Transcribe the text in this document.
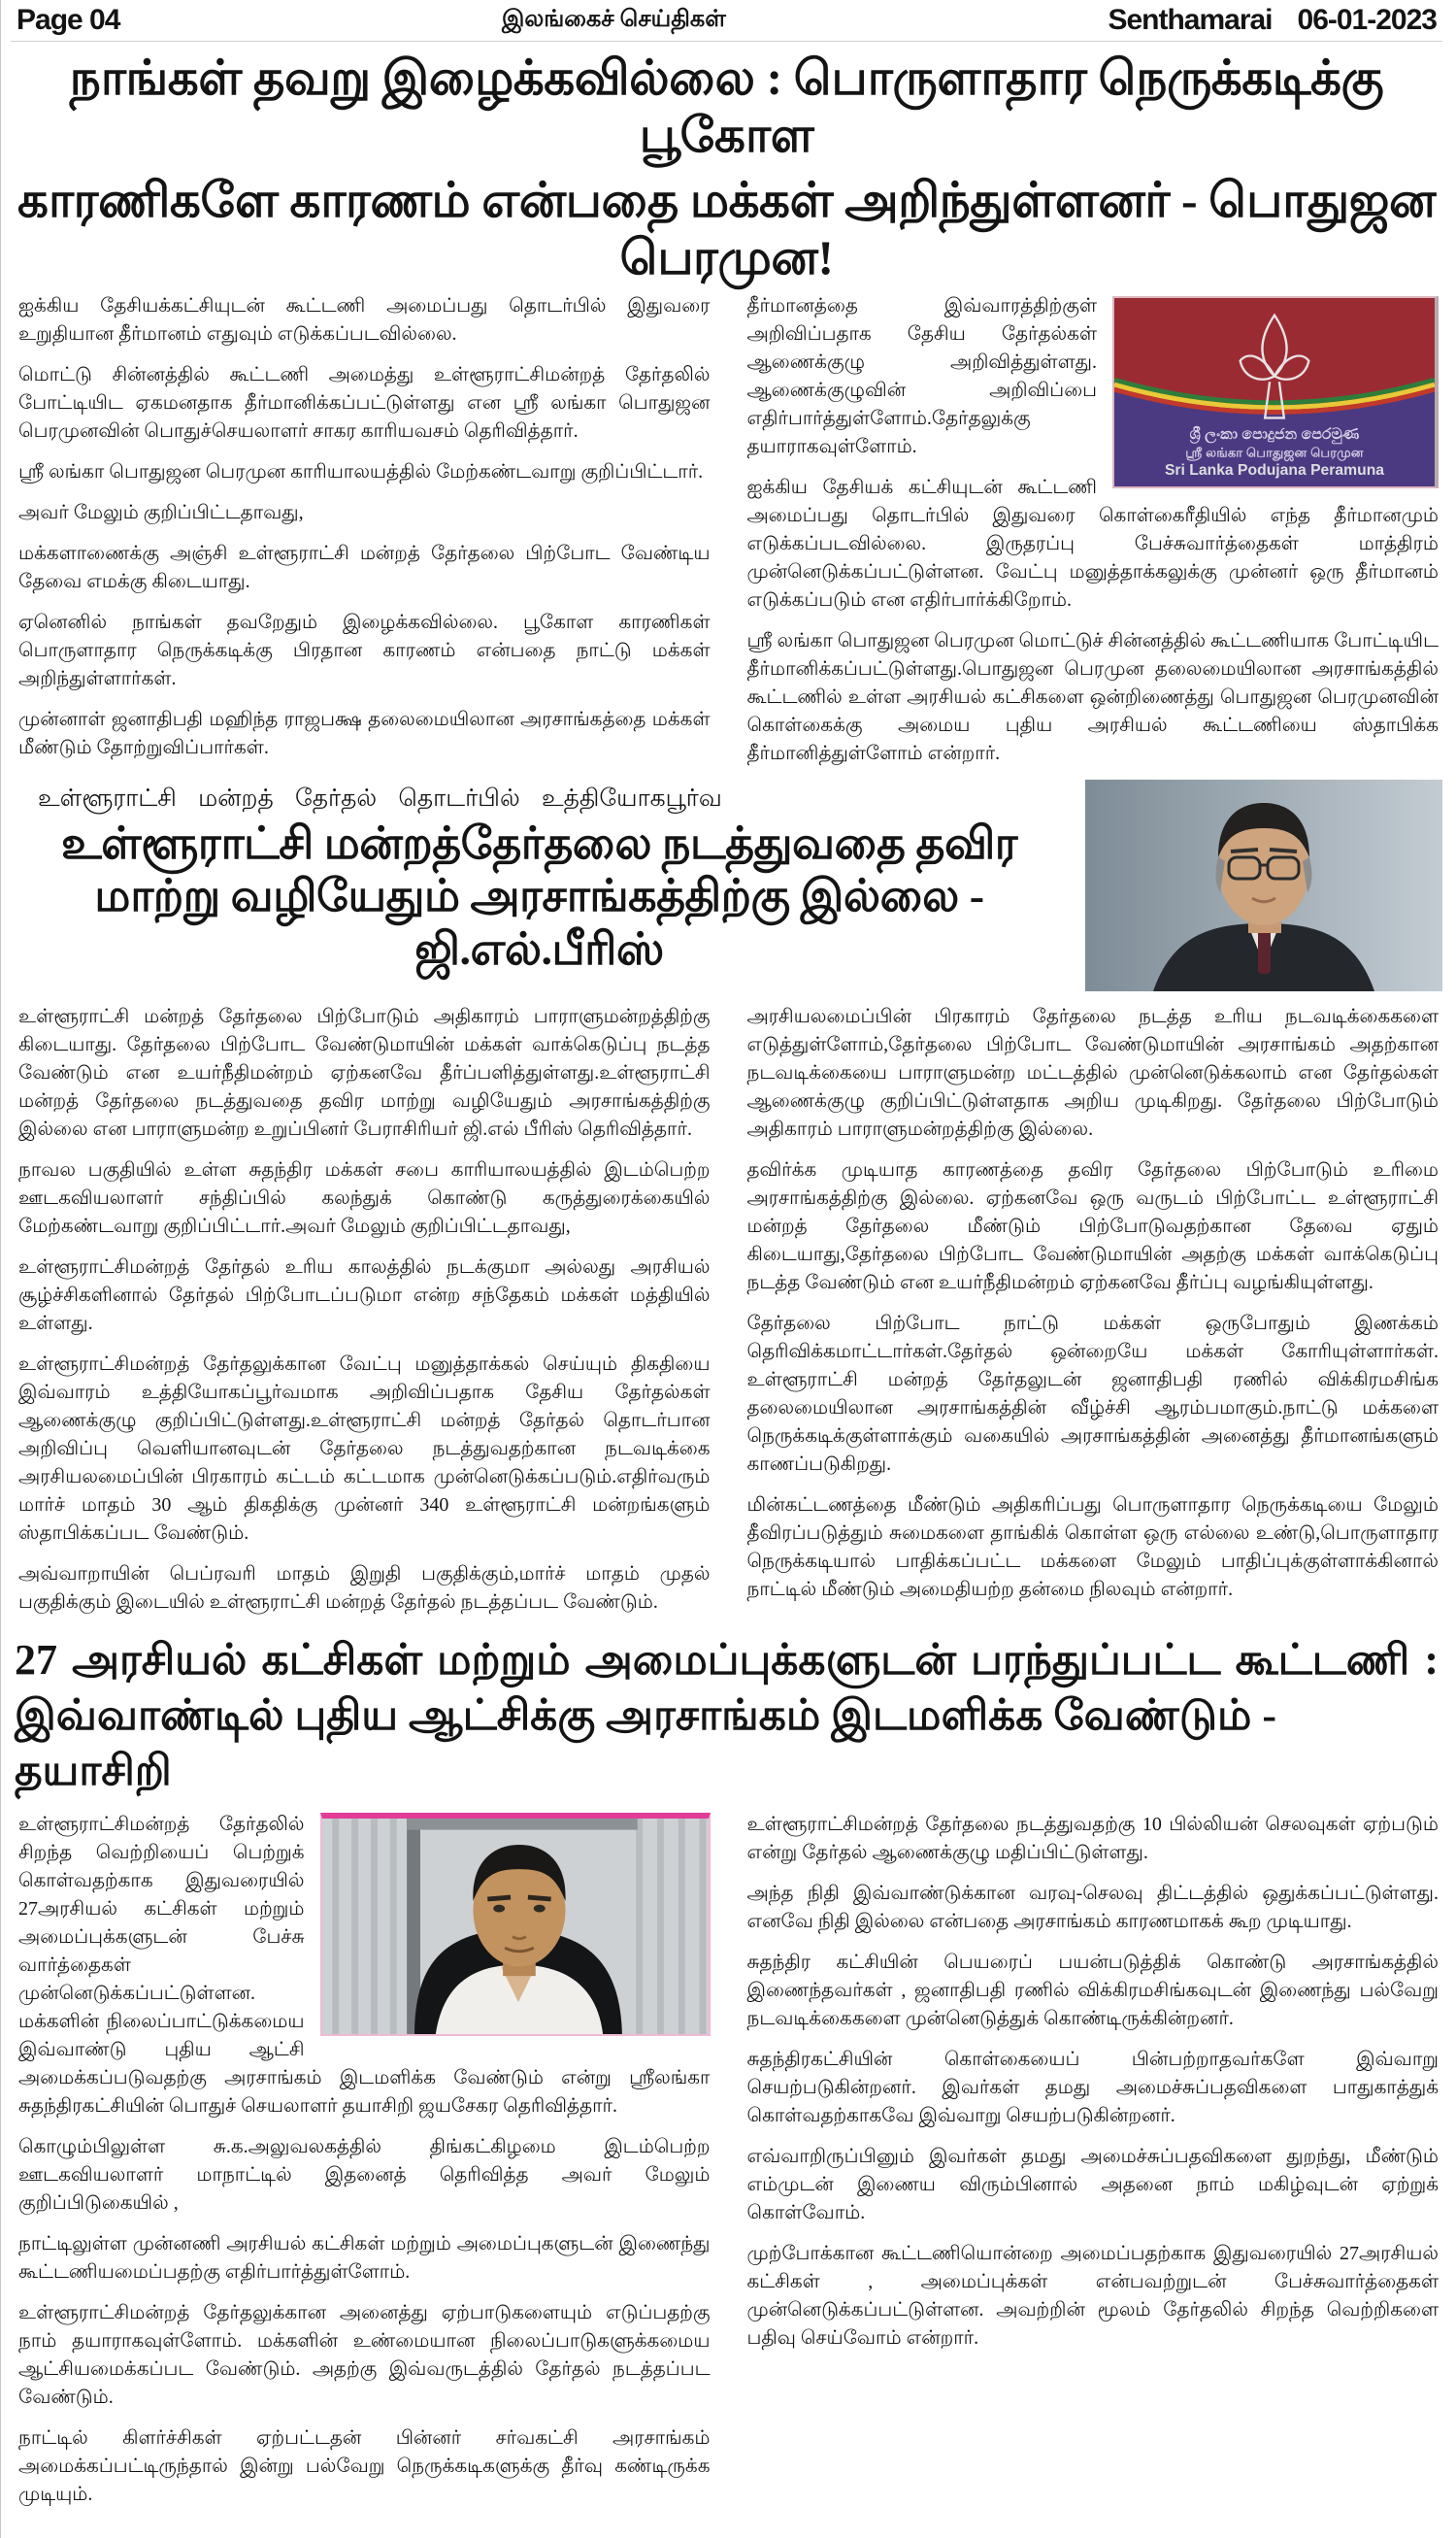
Page 04	இலங்கைச் செய்திகள்	Senthamarai 06-01-2023
நாங்கள் தவறு இழைக்கவில்லை : பொருளாதார நெருக்கடிக்கு பூகோள
காரணிகளே காரணம் என்பதை மக்கள் அறிந்துள்ளனர் - பொதுஜன பெரமுன!

ஐக்கிய தேசியக்கட்சியுடன் கூட்டணி அமைப்பது தொடர்பில் இதுவரை உறுதியான தீர்மானம் எதுவும் எடுக்கப்படவில்லை.

மொட்டு சின்னத்தில் கூட்டணி அமைத்து உள்ளூராட்சிமன்றத் தேர்தலில் போட்டியிட ஏகமனதாக தீர்மானிக்கப்பட்டுள்ளது என ஸ்ரீ லங்கா பொதுஜன பெரமுனவின் பொதுச்செயலாளர் சாகர காரியவசம் தெரிவித்தார்.

ஸ்ரீ லங்கா பொதுஜன பெரமுன காரியாலயத்தில் மேற்கண்டவாறு குறிப்பிட்டார்.

அவர் மேலும் குறிப்பிட்டதாவது,

மக்களாணைக்கு அஞ்சி உள்ளூராட்சி மன்றத் தேர்தலை பிற்போட வேண்டிய தேவை எமக்கு கிடையாது.

ஏனெனில் நாங்கள் தவறேதும் இழைக்கவில்லை. பூகோள காரணிகள் பொருளாதார நெருக்கடிக்கு பிரதான காரணம் என்பதை நாட்டு மக்கள் அறிந்துள்ளார்கள்.

முன்னாள் ஜனாதிபதி மஹிந்த ராஜபக்ஷ தலைமையிலான அரசாங்கத்தை மக்கள் மீண்டும் தோற்றுவிப்பார்கள்.

ශ්‍රී ලංකා පොදුජන පෙරමුණ
ஸ்ரீ லங்கா பொதுஜன பெரமுன
Sri Lanka Podujana Peramuna

தீர்மானத்தை இவ்வாரத்திற்குள் அறிவிப்பதாக தேசிய தேர்தல்கள் ஆணைக்குழு அறிவித்துள்ளது. ஆணைக்குழுவின் அறிவிப்பை எதிர்பார்த்துள்ளோம்.தேர்தலுக்கு தயாராகவுள்ளோம்.

ஐக்கிய தேசியக் கட்சியுடன் கூட்டணி அமைப்பது தொடர்பில் இதுவரை கொள்கைரீதியில் எந்த தீர்மானமும் எடுக்கப்படவில்லை. இருதரப்பு பேச்சுவார்த்தைகள் மாத்திரம் முன்னெடுக்கப்பட்டுள்ளன. வேட்பு மனுத்தாக்கலுக்கு முன்னர் ஒரு தீர்மானம் எடுக்கப்படும் என எதிர்பார்க்கிறோம்.

ஸ்ரீ லங்கா பொதுஜன பெரமுன மொட்டுச் சின்னத்தில் கூட்டணியாக போட்டியிட தீர்மானிக்கப்பட்டுள்ளது.பொதுஜன பெரமுன தலைமையிலான அரசாங்கத்தில் கூட்டணில் உள்ள அரசியல் கட்சிகளை ஒன்றிணைத்து பொதுஜன பெரமுனவின் கொள்கைக்கு அமைய புதிய அரசியல் கூட்டணியை ஸ்தாபிக்க தீர்மானித்துள்ளோம் என்றார்.

உள்ளூராட்சி மன்றத் தேர்தல் தொடர்பில் உத்தியோகபூர்வ
உள்ளூராட்சி மன்றத்தேர்தலை நடத்துவதை தவிர
மாற்று வழியேதும் அரசாங்கத்திற்கு இல்லை - ஜி.எல்.பீரிஸ்

உள்ளூராட்சி மன்றத் தேர்தலை பிற்போடும் அதிகாரம் பாராளுமன்றத்திற்கு கிடையாது. தேர்தலை பிற்போட வேண்டுமாயின் மக்கள் வாக்கெடுப்பு நடத்த வேண்டும் என உயர்நீதிமன்றம் ஏற்கனவே தீர்ப்பளித்துள்ளது.உள்ளூராட்சி மன்றத் தேர்தலை நடத்துவதை தவிர மாற்று வழியேதும் அரசாங்கத்திற்கு இல்லை என பாராளுமன்ற உறுப்பினர் பேராசிரியர் ஜி.எல் பீரிஸ் தெரிவித்தார்.

நாவல பகுதியில் உள்ள சுதந்திர மக்கள் சபை காரியாலயத்தில் இடம்பெற்ற ஊடகவியலாளர் சந்திப்பில் கலந்துக் கொண்டு கருத்துரைக்கையில் மேற்கண்டவாறு குறிப்பிட்டார்.அவர் மேலும் குறிப்பிட்டதாவது,

உள்ளூராட்சிமன்றத் தேர்தல் உரிய காலத்தில் நடக்குமா அல்லது அரசியல் சூழ்ச்சிகளினால் தேர்தல் பிற்போடப்படுமா என்ற சந்தேகம் மக்கள் மத்தியில் உள்ளது.

உள்ளூராட்சிமன்றத் தேர்தலுக்கான வேட்பு மனுத்தாக்கல் செய்யும் திகதியை இவ்வாரம் உத்தியோகப்பூர்வமாக அறிவிப்பதாக தேசிய தேர்தல்கள் ஆணைக்குழு குறிப்பிட்டுள்ளது.உள்ளூராட்சி மன்றத் தேர்தல் தொடர்பான அறிவிப்பு வெளியானவுடன் தேர்தலை நடத்துவதற்கான நடவடிக்கை அரசியலமைப்பின் பிரகாரம் கட்டம் கட்டமாக முன்னெடுக்கப்படும்.எதிர்வரும் மார்ச் மாதம் 30 ஆம் திகதிக்கு முன்னர் 340 உள்ளூராட்சி மன்றங்களும் ஸ்தாபிக்கப்பட வேண்டும்.

அவ்வாறாயின் பெப்ரவரி மாதம் இறுதி பகுதிக்கும்,மார்ச் மாதம் முதல் பகுதிக்கும் இடையில் உள்ளூராட்சி மன்றத் தேர்தல் நடத்தப்பட வேண்டும்.

அரசியலமைப்பின் பிரகாரம் தேர்தலை நடத்த உரிய நடவடிக்கைகளை எடுத்துள்ளோம்,தேர்தலை பிற்போட வேண்டுமாயின் அரசாங்கம் அதற்கான நடவடிக்கையை பாராளுமன்ற மட்டத்தில் முன்னெடுக்கலாம் என தேர்தல்கள் ஆணைக்குழு குறிப்பிட்டுள்ளதாக அறிய முடிகிறது. தேர்தலை பிற்போடும் அதிகாரம் பாராளுமன்றத்திற்கு இல்லை.

தவிர்க்க முடியாத காரணத்தை தவிர தேர்தலை பிற்போடும் உரிமை அரசாங்கத்திற்கு இல்லை. ஏற்கனவே ஒரு வருடம் பிற்போட்ட உள்ளூராட்சி மன்றத் தேர்தலை மீண்டும் பிற்போடுவதற்கான தேவை ஏதும் கிடையாது,தேர்தலை பிற்போட வேண்டுமாயின் அதற்கு மக்கள் வாக்கெடுப்பு நடத்த வேண்டும் என உயர்நீதிமன்றம் ஏற்கனவே தீர்ப்பு வழங்கியுள்ளது.

தேர்தலை பிற்போட நாட்டு மக்கள் ஒருபோதும் இணக்கம் தெரிவிக்கமாட்டார்கள்.தேர்தல் ஒன்றையே மக்கள் கோரியுள்ளார்கள். உள்ளூராட்சி மன்றத் தேர்தலுடன் ஜனாதிபதி ரணில் விக்கிரமசிங்க தலைமையிலான அரசாங்கத்தின் வீழ்ச்சி ஆரம்பமாகும்.நாட்டு மக்களை நெருக்கடிக்குள்ளாக்கும் வகையில் அரசாங்கத்தின் அனைத்து தீர்மானங்களும் காணப்படுகிறது.

மின்கட்டணத்தை மீண்டும் அதிகரிப்பது பொருளாதார நெருக்கடியை மேலும் தீவிரப்படுத்தும் சுமைகளை தாங்கிக் கொள்ள ஒரு எல்லை உண்டு,பொருளாதார நெருக்கடியால் பாதிக்கப்பட்ட மக்களை மேலும் பாதிப்புக்குள்ளாக்கினால் நாட்டில் மீண்டும் அமைதியற்ற தன்மை நிலவும் என்றார்.

27 அரசியல் கட்சிகள் மற்றும் அமைப்புக்களுடன் பரந்துப்பட்ட கூட்டணி :
இவ்வாண்டில் புதிய ஆட்சிக்கு அரசாங்கம் இடமளிக்க வேண்டும் - தயாசிறி

உள்ளூராட்சிமன்றத் தேர்தலில் சிறந்த வெற்றியைப் பெற்றுக் கொள்வதற்காக இதுவரையில் 27அரசியல் கட்சிகள் மற்றும் அமைப்புக்களுடன் பேச்சு வார்த்தைகள் முன்னெடுக்கப்பட்டுள்ளன. மக்களின் நிலைப்பாட்டுக்கமைய இவ்வாண்டு புதிய ஆட்சி அமைக்கப்படுவதற்கு அரசாங்கம் இடமளிக்க வேண்டும் என்று ஸ்ரீலங்கா சுதந்திரகட்சியின் பொதுச் செயலாளர் தயாசிறி ஜயசேகர தெரிவித்தார்.

கொழும்பிலுள்ள சு.க.அலுவலகத்தில் திங்கட்கிழமை இடம்பெற்ற ஊடகவியலாளர் மாநாட்டில் இதனைத் தெரிவித்த அவர் மேலும் குறிப்பிடுகையில் ,

நாட்டிலுள்ள முன்னணி அரசியல் கட்சிகள் மற்றும் அமைப்புகளுடன் இணைந்து கூட்டணியமைப்பதற்கு எதிர்பார்த்துள்ளோம்.

உள்ளூராட்சிமன்றத் தேர்தலுக்கான அனைத்து ஏற்பாடுகளையும் எடுப்பதற்கு நாம் தயாராகவுள்ளோம். மக்களின் உண்மையான நிலைப்பாடுகளுக்கமைய ஆட்சியமைக்கப்பட வேண்டும். அதற்கு இவ்வருடத்தில் தேர்தல் நடத்தப்பட வேண்டும்.

நாட்டில் கிளர்ச்சிகள் ஏற்பட்டதன் பின்னர் சர்வகட்சி அரசாங்கம் அமைக்கப்பட்டிருந்தால் இன்று பல்வேறு நெருக்கடிகளுக்கு தீர்வு கண்டிருக்க முடியும்.

உள்ளூராட்சிமன்றத் தேர்தலை நடத்துவதற்கு 10 பில்லியன் செலவுகள் ஏற்படும் என்று தேர்தல் ஆணைக்குழு மதிப்பிட்டுள்ளது.

அந்த நிதி இவ்வாண்டுக்கான வரவு-செலவு திட்டத்தில் ஒதுக்கப்பட்டுள்ளது. எனவே நிதி இல்லை என்பதை அரசாங்கம் காரணமாகக் கூற முடியாது.

சுதந்திர கட்சியின் பெயரைப் பயன்படுத்திக் கொண்டு அரசாங்கத்தில் இணைந்தவர்கள் , ஜனாதிபதி ரணில் விக்கிரமசிங்கவுடன் இணைந்து பல்வேறு நடவடிக்கைகளை முன்னெடுத்துக் கொண்டிருக்கின்றனர்.

சுதந்திரகட்சியின் கொள்கையைப் பின்பற்றாதவர்களே இவ்வாறு செயற்படுகின்றனர். இவர்கள் தமது அமைச்சுப்பதவிகளை பாதுகாத்துக் கொள்வதற்காகவே இவ்வாறு செயற்படுகின்றனர்.

எவ்வாறிருப்பினும் இவர்கள் தமது அமைச்சுப்பதவிகளை துறந்து, மீண்டும் எம்முடன் இணைய விரும்பினால் அதனை நாம் மகிழ்வுடன் ஏற்றுக் கொள்வோம்.

முற்போக்கான கூட்டணியொன்றை அமைப்பதற்காக இதுவரையில் 27அரசியல் கட்சிகள் , அமைப்புக்கள் என்பவற்றுடன் பேச்சுவார்த்தைகள் முன்னெடுக்கப்பட்டுள்ளன. அவற்றின் மூலம் தேர்தலில் சிறந்த வெற்றிகளை பதிவு செய்வோம் என்றார்.
